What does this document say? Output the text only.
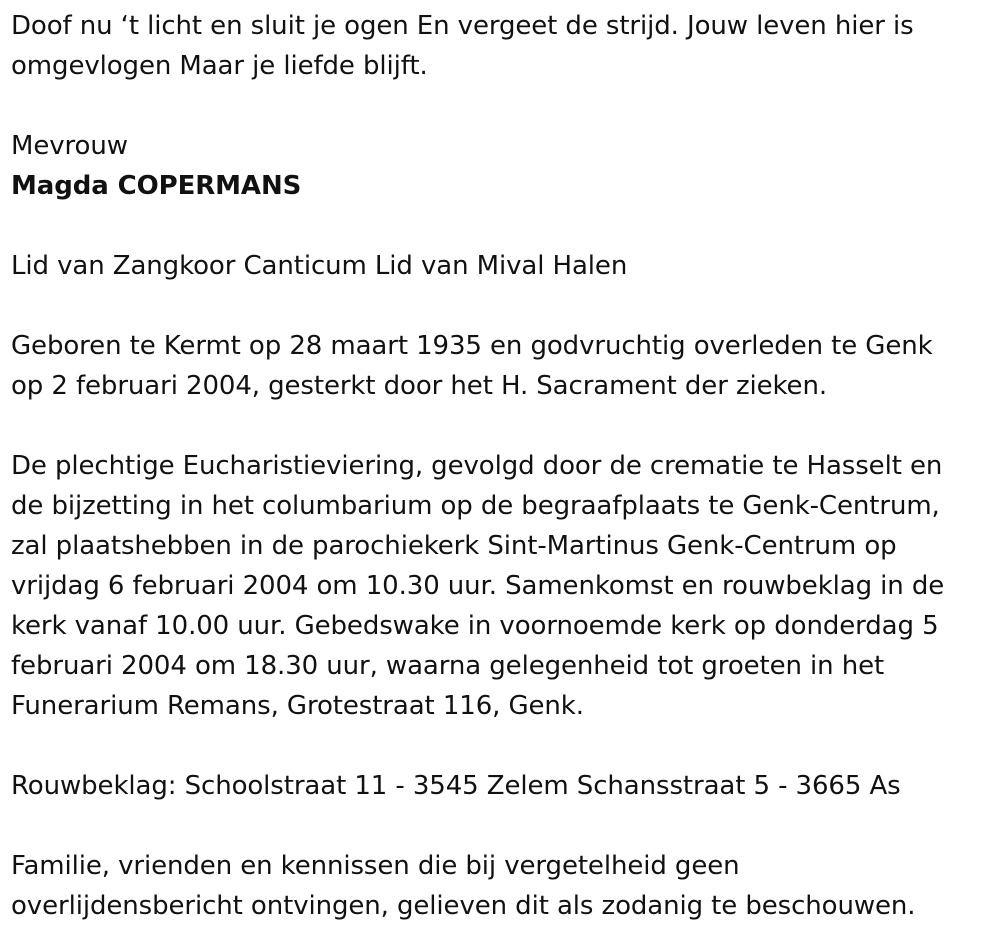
Doof nu ‘t licht en sluit je ogen En vergeet de strijd. Jouw leven hier is
omgevlogen Maar je liefde blijft.
Mevrouw
Magda COPERMANS
Lid van Zangkoor Canticum Lid van Mival Halen
Geboren te Kermt op 28 maart 1935 en godvruchtig overleden te Genk
op 2 februari 2004, gesterkt door het H. Sacrament der zieken.
De plechtige Eucharistieviering, gevolgd door de crematie te Hasselt en
de bijzetting in het columbarium op de begraafplaats te Genk-Centrum,
zal plaatshebben in de parochiekerk Sint-Martinus Genk-Centrum op
vrijdag 6 februari 2004 om 10.30 uur. Samenkomst en rouwbeklag in de
kerk vanaf 10.00 uur. Gebedswake in voornoemde kerk op donderdag 5
februari 2004 om 18.30 uur, waarna gelegenheid tot groeten in het
Funerarium Remans, Grotestraat 116, Genk.
Rouwbeklag: Schoolstraat 11 - 3545 Zelem Schansstraat 5 - 3665 As
Familie, vrienden en kennissen die bij vergetelheid geen
overlijdensbericht ontvingen, gelieven dit als zodanig te beschouwen.
